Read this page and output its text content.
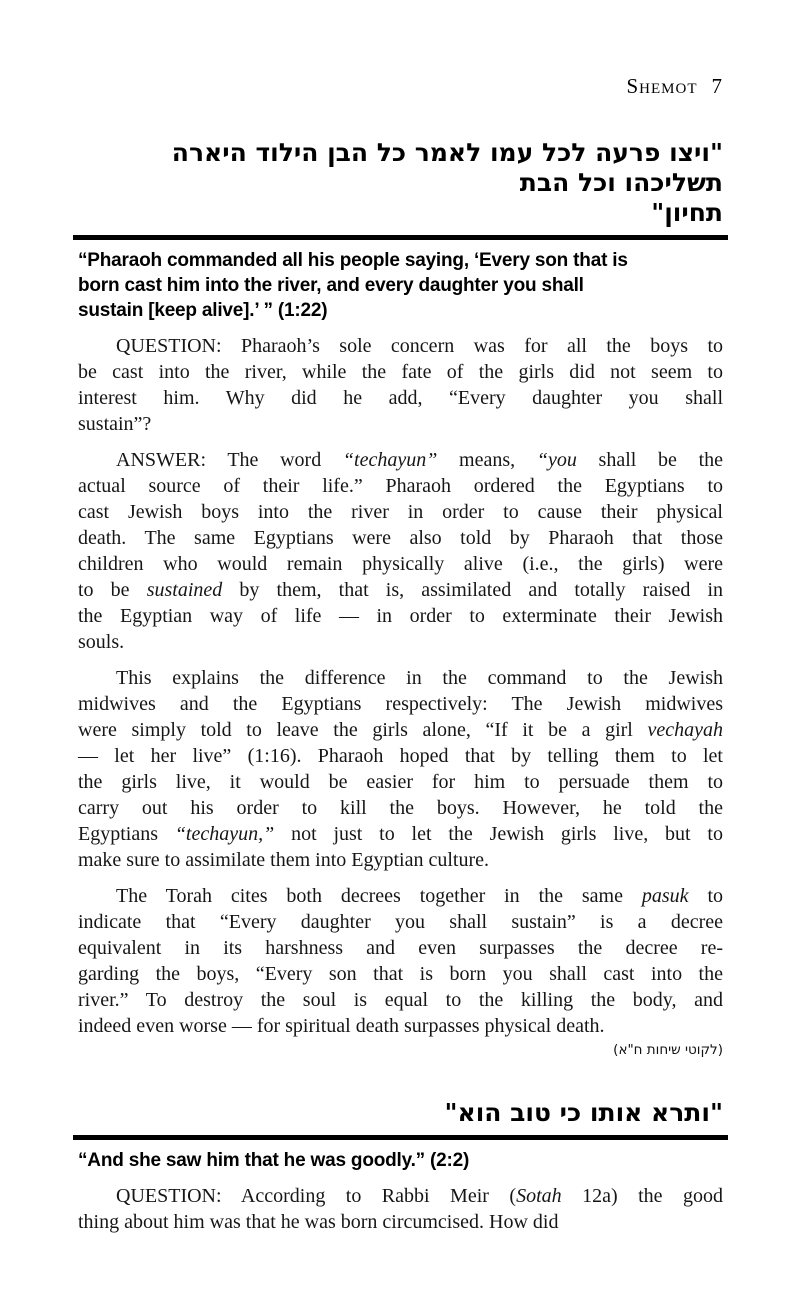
Shemot 7
"ויצו פרעה לכל עמו לאמר כל הבן הילוד היארה תשליכהו וכל הבת
תחיון"
“Pharaoh commanded all his people saying, ‘Every son that is
born cast him into the river, and every daughter you shall
sustain [keep alive].’ ” (1:22)
QUESTION: Pharaoh’s sole concern was for all the boys to
be cast into the river, while the fate of the girls did not seem to
interest him. Why did he add, “Every daughter you shall
sustain”?
ANSWER: The word “techayun” means, “you shall be the
actual source of their life.” Pharaoh ordered the Egyptians to
cast Jewish boys into the river in order to cause their physical
death. The same Egyptians were also told by Pharaoh that those
children who would remain physically alive (i.e., the girls) were
to be sustained by them, that is, assimilated and totally raised in
the Egyptian way of life — in order to exterminate their Jewish
souls.
This explains the difference in the command to the Jewish
midwives and the Egyptians respectively: The Jewish midwives
were simply told to leave the girls alone, “If it be a girl vechayah
— let her live” (1:16). Pharaoh hoped that by telling them to let
the girls live, it would be easier for him to persuade them to
carry out his order to kill the boys. However, he told the
Egyptians “techayun,” not just to let the Jewish girls live, but to
make sure to assimilate them into Egyptian culture.
The Torah cites both decrees together in the same pasuk to
indicate that “Every daughter you shall sustain” is a decree
equivalent in its harshness and even surpasses the decree re-
garding the boys, “Every son that is born you shall cast into the
river.” To destroy the soul is equal to the killing the body, and
indeed even worse — for spiritual death surpasses physical death.
(לקוטי שיחות ח"א)
"ותרא אותו כי טוב הוא"
“And she saw him that he was goodly.” (2:2)
QUESTION: According to Rabbi Meir (Sotah 12a) the good
thing about him was that he was born circumcised. How did
